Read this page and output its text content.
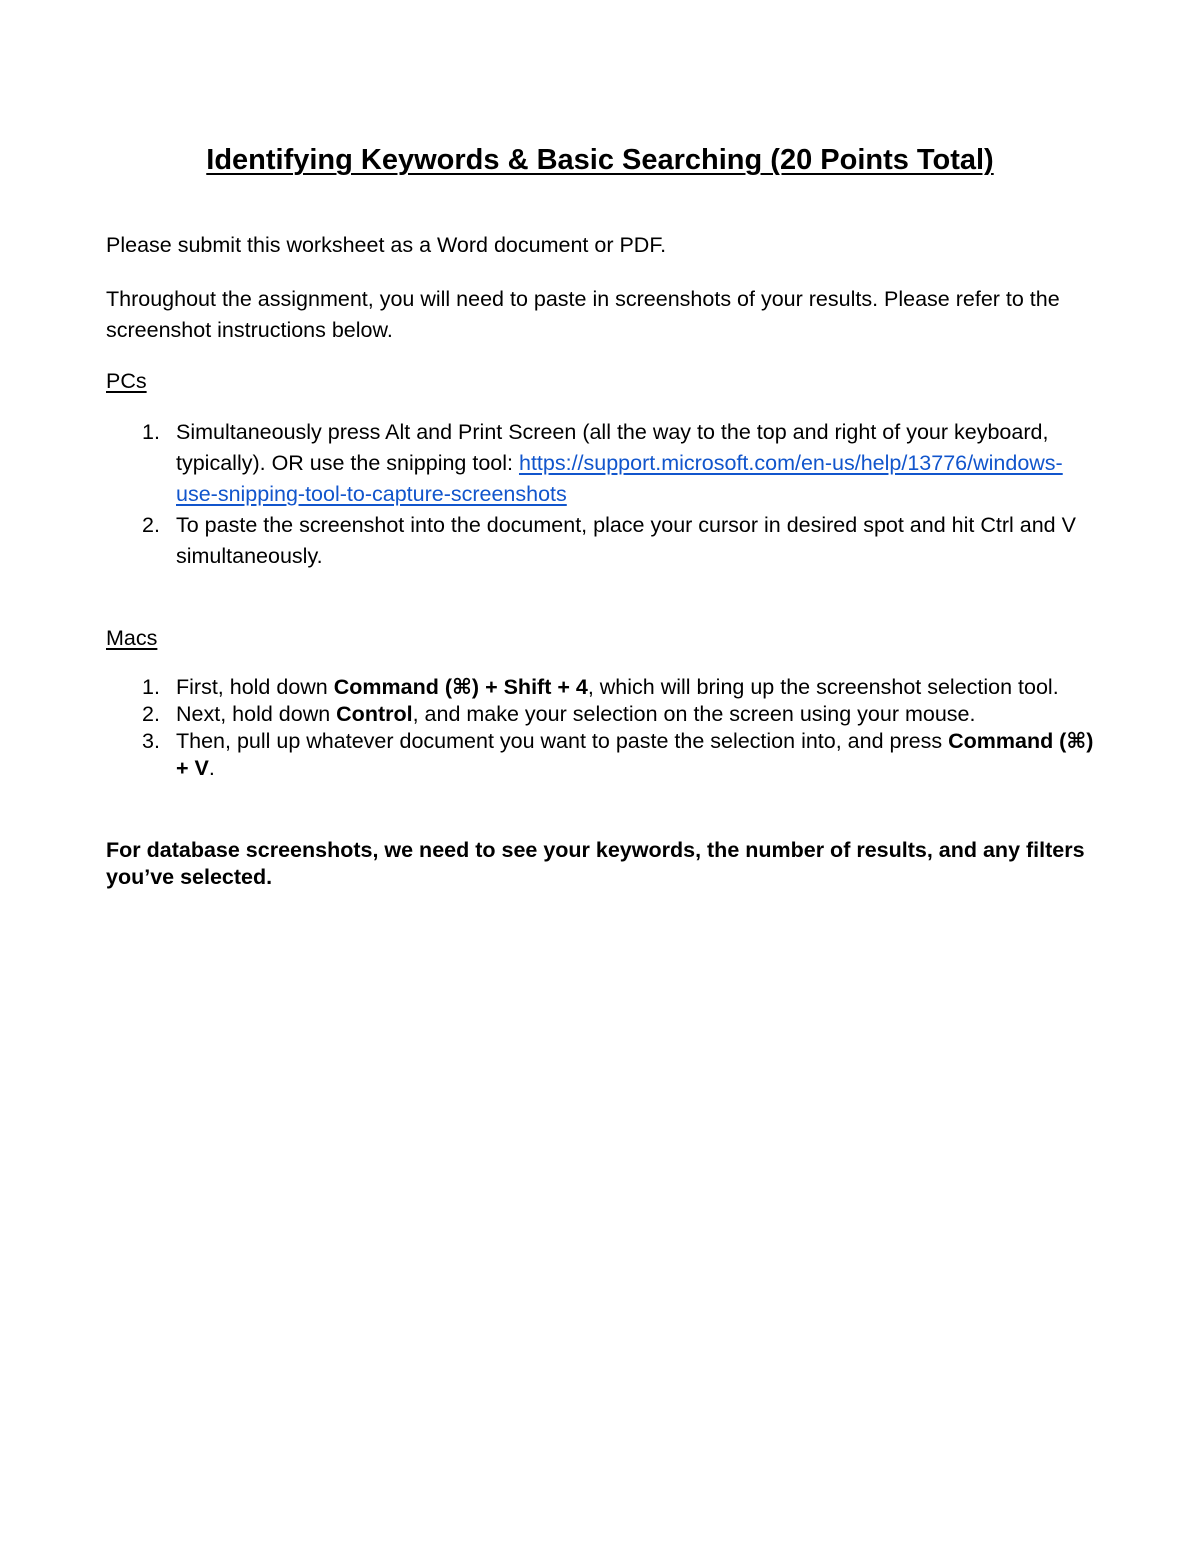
Identifying Keywords & Basic Searching (20 Points Total)

Please submit this worksheet as a Word document or PDF.

Throughout the assignment, you will need to paste in screenshots of your results. Please refer to the screenshot instructions below.

PCs

1. Simultaneously press Alt and Print Screen (all the way to the top and right of your keyboard, typically). OR use the snipping tool: https://support.microsoft.com/en-us/help/13776/windows-use-snipping-tool-to-capture-screenshots
2. To paste the screenshot into the document, place your cursor in desired spot and hit Ctrl and V simultaneously.

Macs

1. First, hold down Command (⌘) + Shift + 4, which will bring up the screenshot selection tool.
2. Next, hold down Control, and make your selection on the screen using your mouse.
3. Then, pull up whatever document you want to paste the selection into, and press Command (⌘) + V.

For database screenshots, we need to see your keywords, the number of results, and any filters you’ve selected.
